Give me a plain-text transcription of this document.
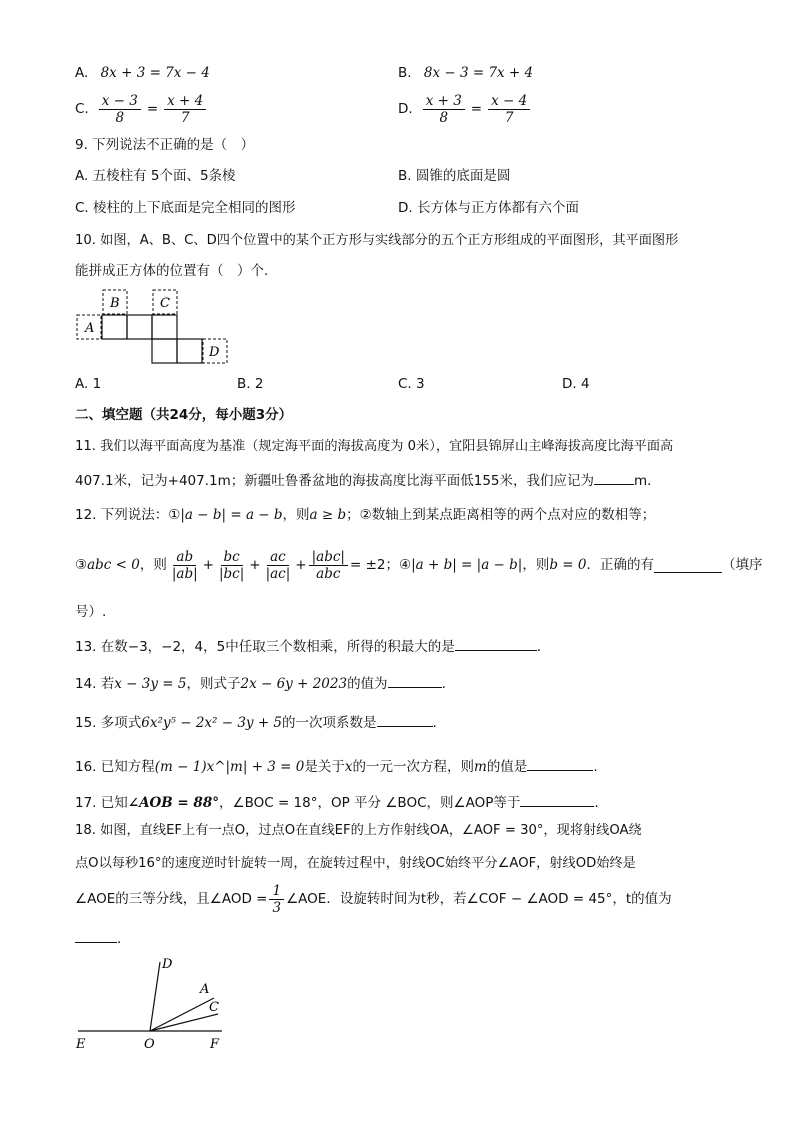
A. 8x + 3 = 7x − 4	B. 8x − 3 = 7x + 4
C. $\frac{x - 3}{8} = \frac{x + 4}{7}$	D. $\frac{x + 3}{8} = \frac{x - 4}{7}$
9. 下列说法不正确的是（　）
A. 五棱柱有 5个面、5条棱	B. 圆锥的底面是圆
C. 棱柱的上下底面是完全相同的图形	D. 长方体与正方体都有六个面
10. 如图，A、B、C、D四个位置中的某个正方形与实线部分的五个正方形组成的平面图形，其平面图形
能拼成正方体的位置有（　）个.
A
B	C
D
A. 1	B. 2	C. 3	D. 4
二、填空题（共24分，每小题3分）
11. 我们以海平面高度为基准（规定海平面的海拔高度为 0米），宜阳县锦屏山主峰海拔高度比海平面高
407.1米，记为+407.1m；新疆吐鲁番盆地的海拔高度比海平面低155米，我们应记为	m．
12. 下列说法：①|a − b| = a − b，则a ≥ b；②数轴上到某点距离相等的两个点对应的数相等；
③ abc < 0 ，则 $\frac{ab}{|ab|} + \frac{bc}{|bc|} + \frac{ac}{|ac|} + \frac{\text{|abc|}}{\text{abc}} = \pm 2$；④ |a + b| = |a − b| ，则 b = 0 ．正确的有	（填序
号）.
13. 在数−3，−2，4，5中任取三个数相乘，所得的积最大的是	.
14. 若x − 3y = 5，则式子2x − 6y + 2023的值为	.
15. 多项式6x²y⁵ − 2x² − 3y + 5的一次项系数是	.
16. 已知方程(m − 1)x^|m| + 3 = 0是关于x的一元一次方程，则m的值是	.
17. 已知∠AOB = 88°，∠BOC = 18°，OP 平分 ∠BOC，则∠AOP等于	.
18. 如图，直线EF上有一点O，过点O在直线EF的上方作射线OA，∠AOF = 30°，现将射线OA绕
点O以每秒16°的速度逆时针旋转一周，在旋转过程中，射线OC始终平分∠AOF，射线OD始终是
∠AOE的三等分线，且∠AOD = $\frac{1}{3}$ ∠AOE．设旋转时间为t秒，若∠COF − ∠AOD = 45°，t的值为
.
D
A
C
E	O	F
